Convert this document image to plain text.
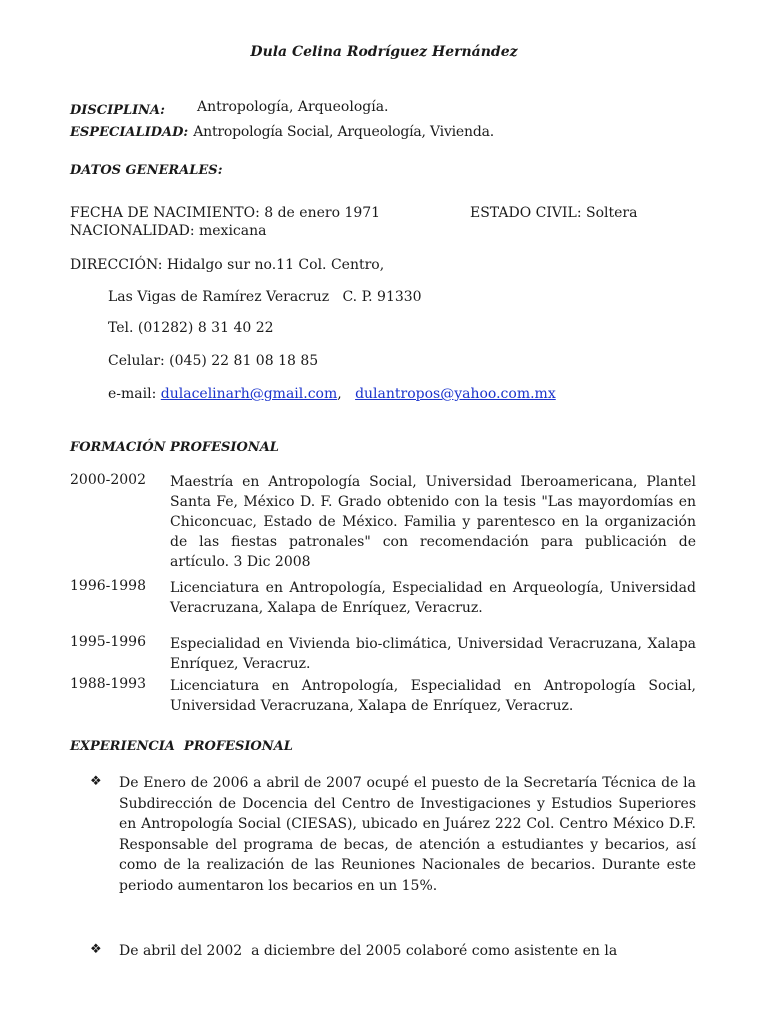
Dula Celina Rodríguez Hernández
DISCIPLINA: Antropología, Arqueología.
ESPECIALIDAD: Antropología Social, Arqueología, Vivienda.
DATOS GENERALES:
FECHA DE NACIMIENTO: 8 de enero 1971	ESTADO CIVIL: Soltera
NACIONALIDAD: mexicana
DIRECCIÓN: Hidalgo sur no.11 Col. Centro,
Las Vigas de Ramírez Veracruz   C. P. 91330
Tel. (01282) 8 31 40 22
Celular: (045) 22 81 08 18 85
e-mail: dulacelinarh@gmail.com, dulantropos@yahoo.com.mx
FORMACIÓN PROFESIONAL
2000-2002 Maestría en Antropología Social, Universidad Iberoamericana, Plantel Santa Fe, México D. F. Grado obtenido con la tesis "Las mayordomías en Chiconcuac, Estado de México. Familia y parentesco en la organización de las fiestas patronales" con recomendación para publicación de artículo. 3 Dic 2008
1996-1998 Licenciatura en Antropología, Especialidad en Arqueología, Universidad Veracruzana, Xalapa de Enríquez, Veracruz.
1995-1996 Especialidad en Vivienda bio-climática, Universidad Veracruzana, Xalapa Enríquez, Veracruz.
1988-1993 Licenciatura en Antropología, Especialidad en Antropología Social, Universidad Veracruzana, Xalapa de Enríquez, Veracruz.
EXPERIENCIA  PROFESIONAL
❖ De Enero de 2006 a abril de 2007 ocupé el puesto de la Secretaría Técnica de la Subdirección de Docencia del Centro de Investigaciones y Estudios Superiores en Antropología Social (CIESAS), ubicado en Juárez 222 Col. Centro México D.F. Responsable del programa de becas, de atención a estudiantes y becarios, así como de la realización de las Reuniones Nacionales de becarios. Durante este periodo aumentaron los becarios en un 15%.
❖ De abril del 2002  a diciembre del 2005 colaboré como asistente en la
